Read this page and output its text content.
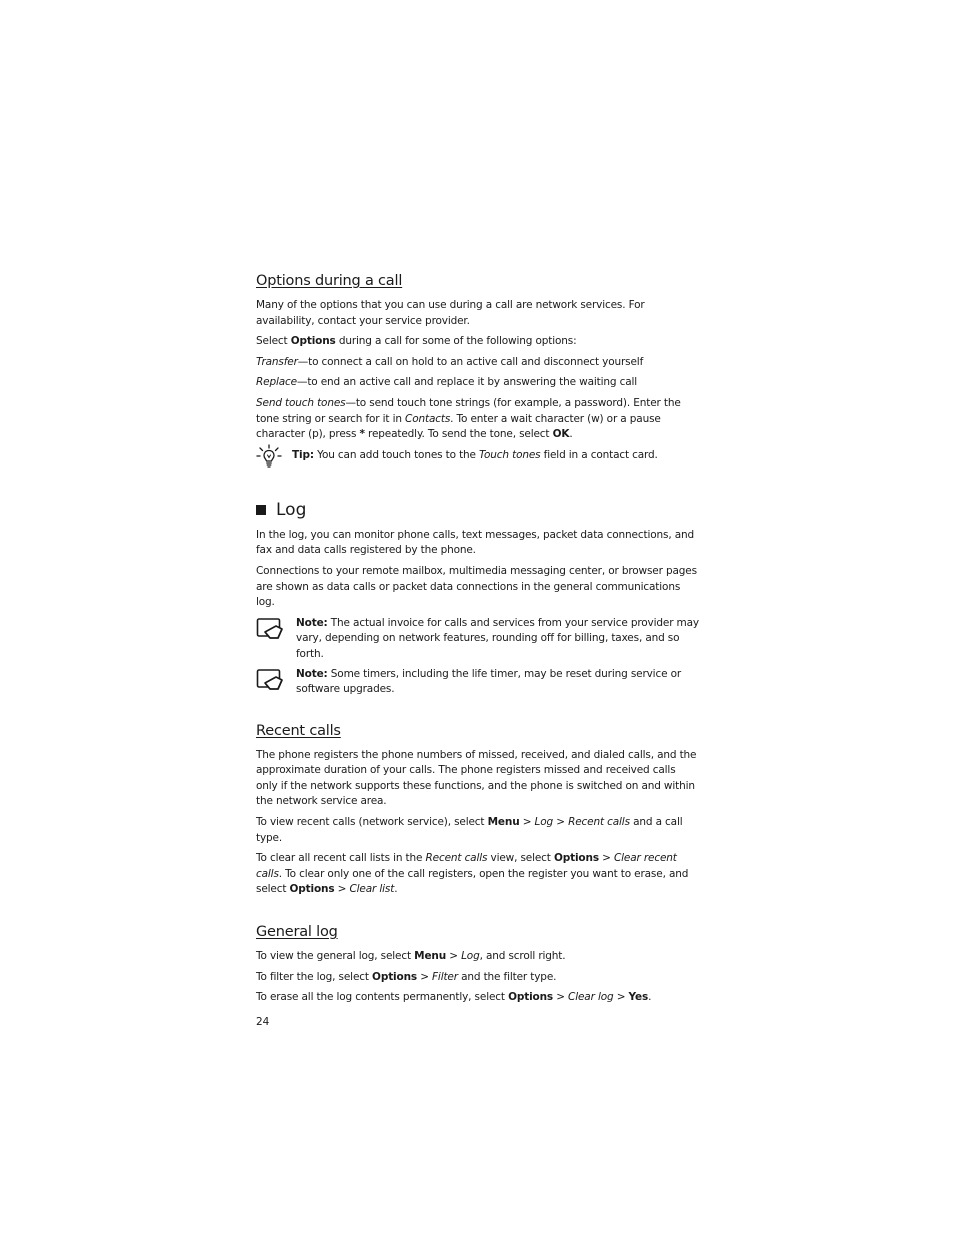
Options during a call

Many of the options that you can use during a call are network services. For availability, contact your service provider.

Select Options during a call for some of the following options:

Transfer—to connect a call on hold to an active call and disconnect yourself

Replace—to end an active call and replace it by answering the waiting call

Send touch tones—to send touch tone strings (for example, a password). Enter the tone string or search for it in Contacts. To enter a wait character (w) or a pause character (p), press * repeatedly. To send the tone, select OK.

Tip: You can add touch tones to the Touch tones field in a contact card.

Log

In the log, you can monitor phone calls, text messages, packet data connections, and fax and data calls registered by the phone.

Connections to your remote mailbox, multimedia messaging center, or browser pages are shown as data calls or packet data connections in the general communications log.

Note: The actual invoice for calls and services from your service provider may vary, depending on network features, rounding off for billing, taxes, and so forth.

Note: Some timers, including the life timer, may be reset during service or software upgrades.

Recent calls

The phone registers the phone numbers of missed, received, and dialed calls, and the approximate duration of your calls. The phone registers missed and received calls only if the network supports these functions, and the phone is switched on and within the network service area.

To view recent calls (network service), select Menu > Log > Recent calls and a call type.

To clear all recent call lists in the Recent calls view, select Options > Clear recent calls. To clear only one of the call registers, open the register you want to erase, and select Options > Clear list.

General log

To view the general log, select Menu > Log, and scroll right.

To filter the log, select Options > Filter and the filter type.

To erase all the log contents permanently, select Options > Clear log > Yes.

24
